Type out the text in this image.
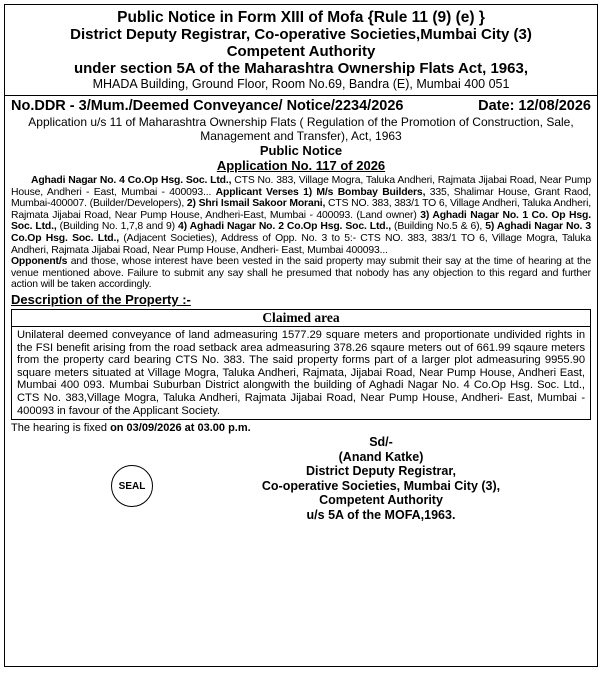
Public Notice in Form XIII of Mofa {Rule 11 (9) (e) }
District Deputy Registrar, Co-operative Societies,Mumbai City (3)
Competent Authority
under section 5A of the Maharashtra Ownership Flats Act, 1963,
MHADA Building, Ground Floor, Room No.69, Bandra (E), Mumbai 400 051
No.DDR - 3/Mum./Deemed Conveyance/ Notice/2234/2026	Date: 12/08/2026
Application u/s 11 of Maharashtra Ownership Flats ( Regulation of the Promotion of Construction, Sale, Management and Transfer), Act, 1963
Public Notice
Application No. 117 of 2026

Aghadi Nagar No. 4 Co.Op Hsg. Soc. Ltd., CTS No. 383, Village Mogra, Taluka Andheri, Rajmata Jijabai Road, Near Pump House, Andheri - East, Mumbai - 400093... Applicant Verses 1) M/s Bombay Builders, 335, Shalimar House, Grant Raod, Mumbai-400007. (Builder/Developers), 2) Shri Ismail Sakoor Morani, CTS NO. 383, 383/1 TO 6, Village Andheri, Taluka Andheri, Rajmata Jijabai Road, Near Pump House, Andheri-East, Mumbai - 400093. (Land owner) 3) Aghadi Nagar No. 1 Co. Op Hsg. Soc. Ltd., (Building No. 1,7,8 and 9) 4) Aghadi Nagar No. 2 Co.Op Hsg. Soc. Ltd., (Building No.5 & 6), 5) Aghadi Nagar No. 3 Co.Op Hsg. Soc. Ltd., (Adjacent Societies), Address of Opp. No. 3 to 5:- CTS NO. 383, 383/1 TO 6, Village Mogra, Taluka Andheri, Rajmata Jijabai Road, Near Pump House, Andheri- East, Mumbai 400093...

Opponent/s and those, whose interest have been vested in the said property may submit their say at the time of hearing at the venue mentioned above. Failure to submit any say shall he presumed that nobody has any objection to this regard and further action will be taken accordingly.

Description of the Property :-
Claimed area
Unilateral deemed conveyance of land admeasuring 1577.29 square meters and proportionate undivided rights in the FSI benefit arising from the road setback area admeasuring 378.26 sqaure meters out of 661.99 sqaure meters from the property card bearing CTS No. 383. The said property forms part of a larger plot admeasuring 9955.90 square meters situated at Village Mogra, Taluka Andheri, Rajmata, Jijabai Road, Near Pump House, Andheri East, Mumbai 400 093. Mumbai Suburban District alongwith the building of Aghadi Nagar No. 4 Co.Op Hsg. Soc. Ltd., CTS No. 383,Village Mogra, Taluka Andheri, Rajmata Jijabai Road, Near Pump House, Andheri- East, Mumbai - 400093 in favour of the Applicant Society.
The hearing is fixed on 03/09/2026 at 03.00 p.m.
SEAL
Sd/-
(Anand Katke)
District Deputy Registrar,
Co-operative Societies, Mumbai City (3),
Competent Authority
u/s 5A of the MOFA,1963.
